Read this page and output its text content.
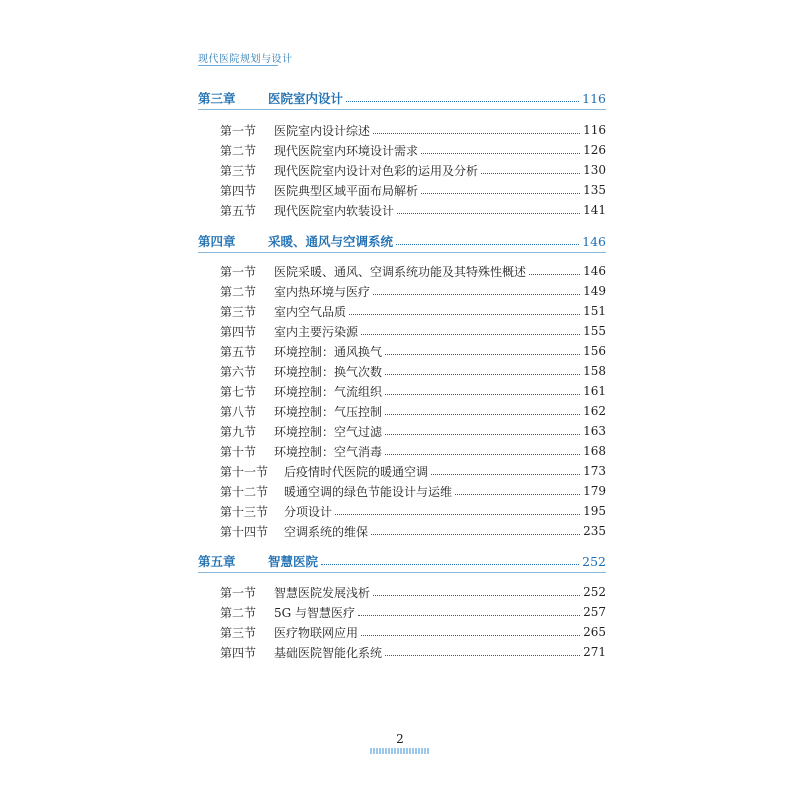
现代医院规划与设计
第三章	医院室内设计	116
第一节	医院室内设计综述	116
第二节	现代医院室内环境设计需求	126
第三节	现代医院室内设计对色彩的运用及分析	130
第四节	医院典型区域平面布局解析	135
第五节	现代医院室内软装设计	141
第四章	采暖、通风与空调系统	146
第一节	医院采暖、通风、空调系统功能及其特殊性概述	146
第二节	室内热环境与医疗	149
第三节	室内空气品质	151
第四节	室内主要污染源	155
第五节	环境控制：通风换气	156
第六节	环境控制：换气次数	158
第七节	环境控制：气流组织	161
第八节	环境控制：气压控制	162
第九节	环境控制：空气过滤	163
第十节	环境控制：空气消毒	168
第十一节	后疫情时代医院的暖通空调	173
第十二节	暖通空调的绿色节能设计与运维	179
第十三节	分项设计	195
第十四节	空调系统的维保	235
第五章	智慧医院	252
第一节	智慧医院发展浅析	252
第二节	5G 与智慧医疗	257
第三节	医疗物联网应用	265
第四节	基础医院智能化系统	271
2
